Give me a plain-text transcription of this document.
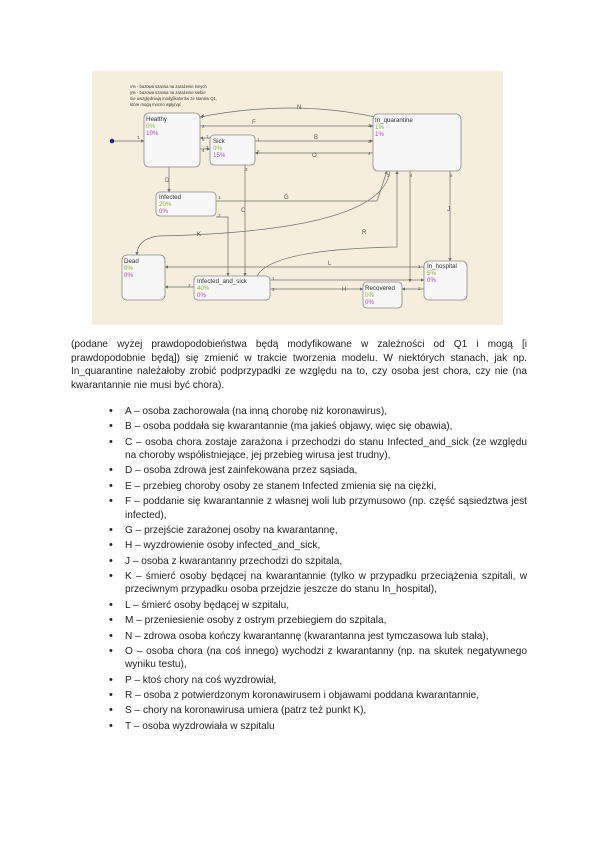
x% - bazowa szansa na zarażenie innych
y% - bazowa szansa na zarażenie siebie
nie uwzględniają modyfikatorów ze stanów Q1,
które mogą mocno wpłynąć
N
F
B
O
D
C
G
K	R
J
L
H
1
1
2
3
4
1
2
1
2
3
1
2
4
3	4	5
1
2
2
1
3
1
2
Healthy
0%
10%
Sick
0%
15%
In_quarantine
1%
1%
Infected
20%
0%
Dead
0%
0%
Infected_and_sick
40%
0%
Recovered
0%
0%
In_hospital
5%
0%

(podane wyżej prawdopodobieństwa będą modyfikowane w zależności od Q1 i mogą [i prawdopodobnie będą]) się zmienić w trakcie tworzenia modelu. W niektórych stanach, jak np. In_quarantine należałoby zrobić podprzypadki ze względu na to, czy osoba jest chora, czy nie (na kwarantannie nie musi być chora).

• A – osoba zachorowała (na inną chorobę niż koronawirus),
• B – osoba poddała się kwarantannie (ma jakieś objawy, więc się obawia),
• C – osoba chora zostaje zarażona i przechodzi do stanu Infected_and_sick (ze względu na choroby współistniejące, jej przebieg wirusa jest trudny),
• D – osoba zdrowa jest zainfekowana przez sąsiada,
• E – przebieg choroby osoby ze stanem Infected zmienia się na ciężki,
• F – poddanie się kwarantannie z własnej woli lub przymusowo (np. część sąsiedztwa jest infected),
• G – przejście zarażonej osoby na kwarantannę,
• H – wyzdrowienie osoby infected_and_sick,
• J – osoba z kwarantanny przechodzi do szpitala,
• K – śmierć osoby będącej na kwarantannie (tylko w przypadku przeciążenia szpitali, w przeciwnym przypadku osoba przejdzie jeszcze do stanu In_hospital),
• L – śmierć osoby będącej w szpitalu,
• M – przeniesienie osoby z ostrym przebiegiem do szpitala,
• N – zdrowa osoba kończy kwarantannę (kwarantanna jest tymczasowa lub stała),
• O – osoba chora (na coś innego) wychodzi z kwarantanny (np. na skutek negatywnego wyniku testu),
• P – ktoś chory na coś wyzdrowiał,
• R – osoba z potwierdzonym koronawirusem i objawami poddana kwarantannie,
• S – chory na koronawirusa umiera (patrz też punkt K),
• T – osoba wyzdrowiała w szpitalu
